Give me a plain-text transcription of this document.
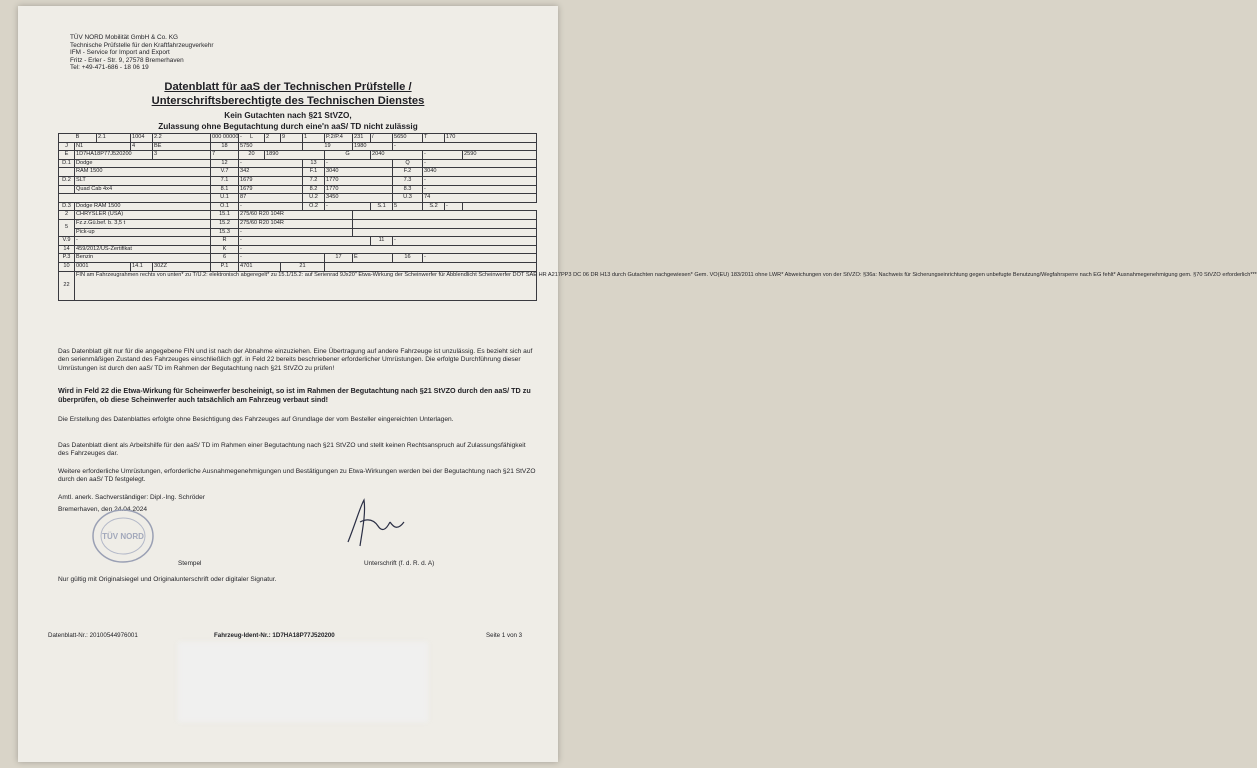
TÜV NORD Mobilität GmbH & Co. KG
Technische Prüfstelle für den Kraftfahrzeugverkehr
IFM - Service for Import and Export
Fritz - Erler - Str. 9, 27578 Bremerhaven
Tel: +49-471-686 - 18 06 19
Datenblatt für aaS der Technischen Prüfstelle /
Unterschriftsberechtigte des Technischen Dienstes
Kein Gutachten nach §21 StVZO,
Zulassung ohne Begutachtung durch eine'n aaS/ TD nicht zulässig
B		2.1	1004	2.2	000 00000 -	L	2	9	1	P.2/P.4	231	/	5650	T	170	
J	N1		4	BE	18	5750			19		1980		-			
E	1D7HA18P77J520200			3	7	20	1890			G		2040		-		2590
D.1	Dodge				12	-			13	-			Q	-		
	RAM 1500				V.7	342			F.1	3040			F.2	3040		
D.2	SLT				7.1	1679			7.2	1770			7.3	-		
	Quad Cab 4x4				8.1	1679			8.2	1770			8.3	-		
					U.1	87			U.2	3450			U.3	74		
D.3	Dodge RAM 1500				O.1	-			O.2	-		S.1	5	S.2	-	
2	CHRYSLER (USA)				15.1	275/60 R20 104R										
5	Fz.z.Gü.bef. b. 3,5 t				15.2	275/60 R20 104R										
	Pick-up				15.3	-										
V.9	-				R	-						11	-			
14	459/2012/US-Zertifikat				K	-										
P.3	Benzin				6	-				17	E		16	-		
10	0001		14.1	30ZZ	P.1	4701		21								
22	FIN am Fahrzeugrahmen rechts von unten* zu T/U.2: elektronisch abgeregelt* zu 15.1/15.2: auf Serienrad 9Jx20" Etwa-Wirkung der Scheinwerfer für Abblendlicht Scheinwerfer DOT SAE HR A217PP3 DC 06 DR H13 durch Gutachten nachgewiesen* Gem. VO(EU) 183/2011 ohne LWR* Abweichungen von der StVZO: §36a: Nachweis für Sicherungseinrichtung gegen unbefugte Benutzung/Wegfahrsperre nach EG fehlt* Ausnahmegenehmigung gem. §70 StVZO erforderlich***															
Das Datenblatt gilt nur für die angegebene FIN und ist nach der Abnahme einzuziehen. Eine Übertragung auf andere Fahrzeuge ist unzulässig. Es bezieht sich auf den serienmäßigen Zustand des Fahrzeuges einschließlich ggf. in Feld 22 bereits beschriebener erforderlicher Umrüstungen. Die erfolgte Durchführung dieser Umrüstungen ist durch den aaS/ TD im Rahmen der Begutachtung nach §21 StVZO zu prüfen!
Wird in Feld 22 die Etwa-Wirkung für Scheinwerfer bescheinigt, so ist im Rahmen der Begutachtung nach §21 StVZO durch den aaS/ TD zu überprüfen, ob diese Scheinwerfer auch tatsächlich am Fahrzeug verbaut sind!
Die Erstellung des Datenblattes erfolgte ohne Besichtigung des Fahrzeuges auf Grundlage der vom Besteller eingereichten Unterlagen.
Das Datenblatt dient als Arbeitshilfe für den aaS/ TD im Rahmen einer Begutachtung nach §21 StVZO und stellt keinen Rechtsanspruch auf Zulassungsfähigkeit des Fahrzeuges dar.
Weitere erforderliche Umrüstungen, erforderliche Ausnahmegenehmigungen und Bestätigungen zu Etwa-Wirkungen werden bei der Begutachtung nach §21 StVZO durch den aaS/ TD festgelegt.
Amtl. anerk. Sachverständiger: Dipl.-Ing. Schröder
Bremerhaven, den 24.04.2024
TÜV NORD
Stempel	Unterschrift (f. d. R. d. A)
Nur gültig mit Originalsiegel und Originalunterschrift oder digitaler Signatur.
Datenblatt-Nr.: 20100544976001	Fahrzeug-Ident-Nr.: 1D7HA18P77J520200	Seite 1 von 3
